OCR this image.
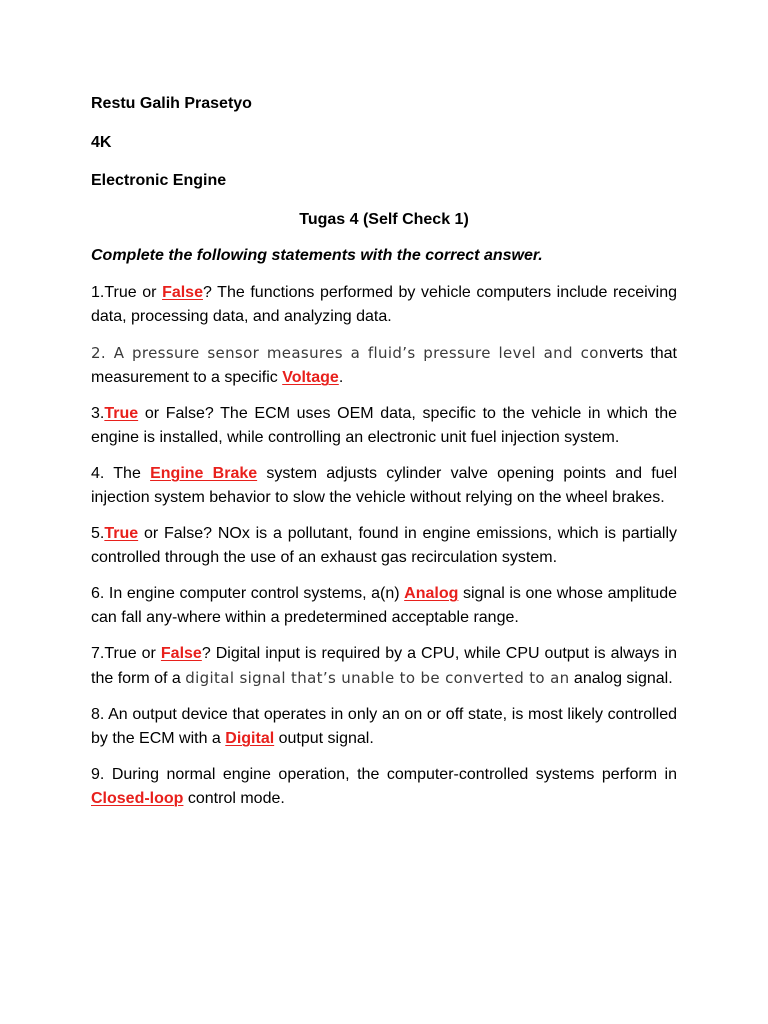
Restu Galih Prasetyo

4K

Electronic Engine

Tugas 4 (Self Check 1)

Complete the following statements with the correct answer.

1.True or False? The functions performed by vehicle computers include receiving data, processing data, and analyzing data.

2. A pressure sensor measures a fluid’s pressure level and converts that measurement to a specific Voltage.

3.True or False? The ECM uses OEM data, specific to the vehicle in which the engine is installed, while controlling an electronic unit fuel injection system.

4. The Engine Brake system adjusts cylinder valve opening points and fuel injection system behavior to slow the vehicle without relying on the wheel brakes.

5.True or False? NOx is a pollutant, found in engine emissions, which is partially controlled through the use of an exhaust gas recirculation system.

6. In engine computer control systems, a(n) Analog signal is one whose amplitude can fall any-where within a predetermined acceptable range.

7.True or False? Digital input is required by a CPU, while CPU output is always in the form of a digital signal that’s unable to be converted to an analog signal.

8. An output device that operates in only an on or off state, is most likely controlled by the ECM with a Digital output signal.

9. During normal engine operation, the computer-controlled systems perform in Closed-loop control mode.
